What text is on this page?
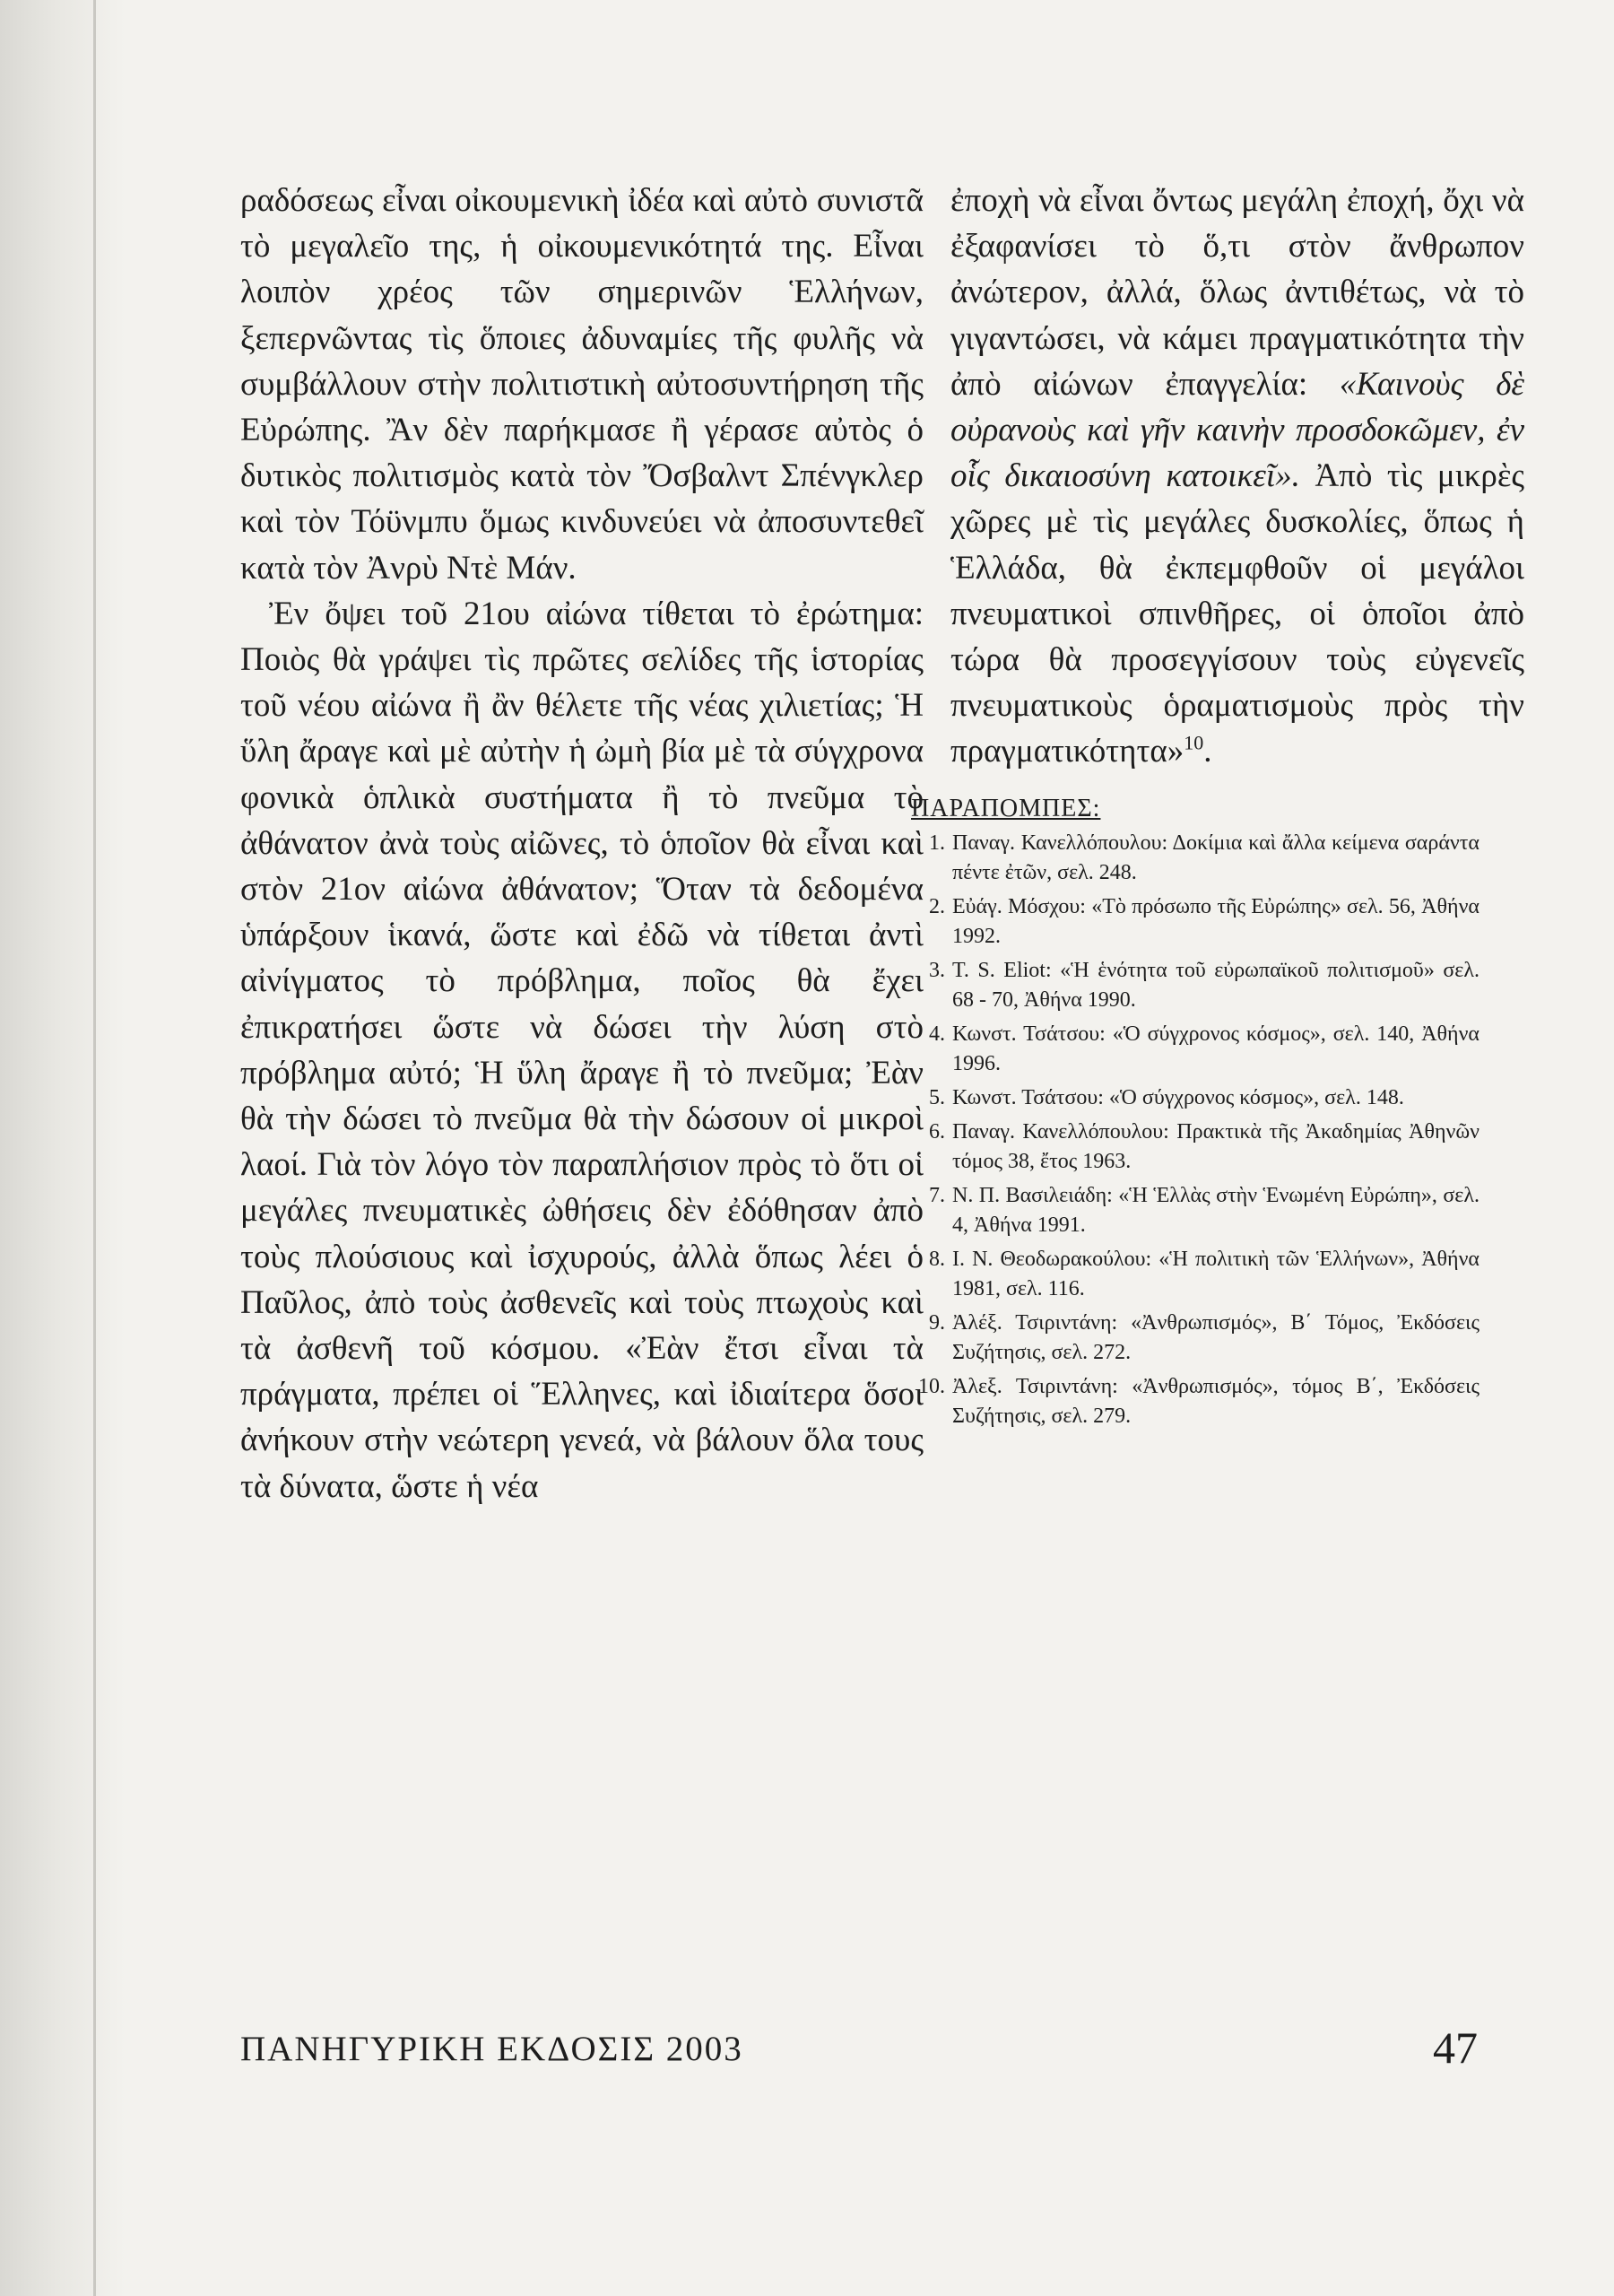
ραδόσεως εἶναι οἰκουμενικὴ ἰδέα καὶ αὐτὸ συνιστᾶ τὸ μεγαλεῖο της, ἡ οἰκουμενικότητά της. Εἶναι λοιπὸν χρέος τῶν σημερινῶν Ἑλλήνων, ξεπερνῶντας τὶς ὅποιες ἀδυναμίες τῆς φυλῆς νὰ συμβάλλουν στὴν πολιτιστικὴ αὐτοσυντήρηση τῆς Εὐρώπης. Ἂν δὲν παρήκμασε ἢ γέρασε αὐτὸς ὁ δυτικὸς πολιτισμὸς κατὰ τὸν Ὄσβαλντ Σπένγκλερ καὶ τὸν Τόϋνμπυ ὅμως κινδυνεύει νὰ ἀποσυντεθεῖ κατὰ τὸν Ἀνρὺ Ντὲ Μάν.

Ἐν ὄψει τοῦ 21ου αἰώνα τίθεται τὸ ἐρώτημα: Ποιὸς θὰ γράψει τὶς πρῶτες σελίδες τῆς ἱστορίας τοῦ νέου αἰώνα ἢ ἂν θέλετε τῆς νέας χιλιετίας; Ἡ ὕλη ἄραγε καὶ μὲ αὐτὴν ἡ ὠμὴ βία μὲ τὰ σύγχρονα φονικὰ ὁπλικὰ συστήματα ἢ τὸ πνεῦμα τὸ ἀθάνατον ἀνὰ τοὺς αἰῶνες, τὸ ὁποῖον θὰ εἶναι καὶ στὸν 21ον αἰώνα ἀθάνατον; Ὅταν τὰ δεδομένα ὑπάρξουν ἱκανά, ὥστε καὶ ἐδῶ νὰ τίθεται ἀντὶ αἰνίγματος τὸ πρόβλημα, ποῖος θὰ ἔχει ἐπικρατήσει ὥστε νὰ δώσει τὴν λύση στὸ πρόβλημα αὐτό; Ἡ ὕλη ἄραγε ἢ τὸ πνεῦμα; Ἐὰν θὰ τὴν δώσει τὸ πνεῦμα θὰ τὴν δώσουν οἱ μικροὶ λαοί. Γιὰ τὸν λόγο τὸν παραπλήσιον πρὸς τὸ ὅτι οἱ μεγάλες πνευματικὲς ὠθήσεις δὲν ἐδόθησαν ἀπὸ τοὺς πλούσιους καὶ ἰσχυρούς, ἀλλὰ ὅπως λέει ὁ Παῦλος, ἀπὸ τοὺς ἀσθενεῖς καὶ τοὺς πτωχοὺς καὶ τὰ ἀσθενῆ τοῦ κόσμου. «Ἐὰν ἔτσι εἶναι τὰ πράγματα, πρέπει οἱ Ἕλληνες, καὶ ἰδιαίτερα ὅσοι ἀνήκουν στὴν νεώτερη γενεά, νὰ βάλουν ὅλα τους τὰ δύνατα, ὥστε ἡ νέα

ἐποχὴ νὰ εἶναι ὄντως μεγάλη ἐποχή, ὄχι νὰ ἐξαφανίσει τὸ ὅ,τι στὸν ἄνθρωπον ἀνώτερον, ἀλλά, ὅλως ἀντιθέτως, νὰ τὸ γιγαντώσει, νὰ κάμει πραγματικότητα τὴν ἀπὸ αἰώνων ἐπαγγελία: «Καινοὺς δὲ οὐρανοὺς καὶ γῆν καινὴν προσδοκῶμεν, ἐν οἷς δικαιοσύνη κατοικεῖ». Ἀπὸ τὶς μικρὲς χῶρες μὲ τὶς μεγάλες δυσκολίες, ὅπως ἡ Ἑλλάδα, θὰ ἐκπεμφθοῦν οἱ μεγάλοι πνευματικοὶ σπινθῆρες, οἱ ὁποῖοι ἀπὸ τώρα θὰ προσεγγίσουν τοὺς εὐγενεῖς πνευματικοὺς ὁραματισμοὺς πρὸς τὴν πραγματικότητα»$^{10}$.

ΠΑΡΑΠΟΜΠΕΣ:
1. Παναγ. Κανελλόπουλου: Δοκίμια καὶ ἄλλα κείμενα σαράντα πέντε ἐτῶν, σελ. 248.
2. Εὐάγ. Μόσχου: «Τὸ πρόσωπο τῆς Εὐρώπης» σελ. 56, Ἀθήνα 1992.
3. T. S. Eliot: «Ἡ ἑνότητα τοῦ εὐρωπαϊκοῦ πολιτισμοῦ» σελ. 68 - 70, Ἀθήνα 1990.
4. Κωνστ. Τσάτσου: «Ὁ σύγχρονος κόσμος», σελ. 140, Ἀθήνα 1996.
5. Κωνστ. Τσάτσου: «Ὁ σύγχρονος κόσμος», σελ. 148.
6. Παναγ. Κανελλόπουλου: Πρακτικὰ τῆς Ἀκαδημίας Ἀθηνῶν τόμος 38, ἔτος 1963.
7. Ν. Π. Βασιλειάδη: «Ἡ Ἑλλὰς στὴν Ἑνωμένη Εὐρώπη», σελ. 4, Ἀθήνα 1991.
8. Ι. Ν. Θεοδωρακούλου: «Ἡ πολιτικὴ τῶν Ἑλλήνων», Ἀθήνα 1981, σελ. 116.
9. Ἀλέξ. Τσιριντάνη: «Ἀνθρωπισμός», Β΄ Τόμος, Ἐκδόσεις Συζήτησις, σελ. 272.
10. Ἀλεξ. Τσιριντάνη: «Ἀνθρωπισμός», τόμος Β΄, Ἐκδόσεις Συζήτησις, σελ. 279.
ΠΑΝΗΓΥΡΙΚΗ ΕΚΔΟΣΙΣ 2003	47
